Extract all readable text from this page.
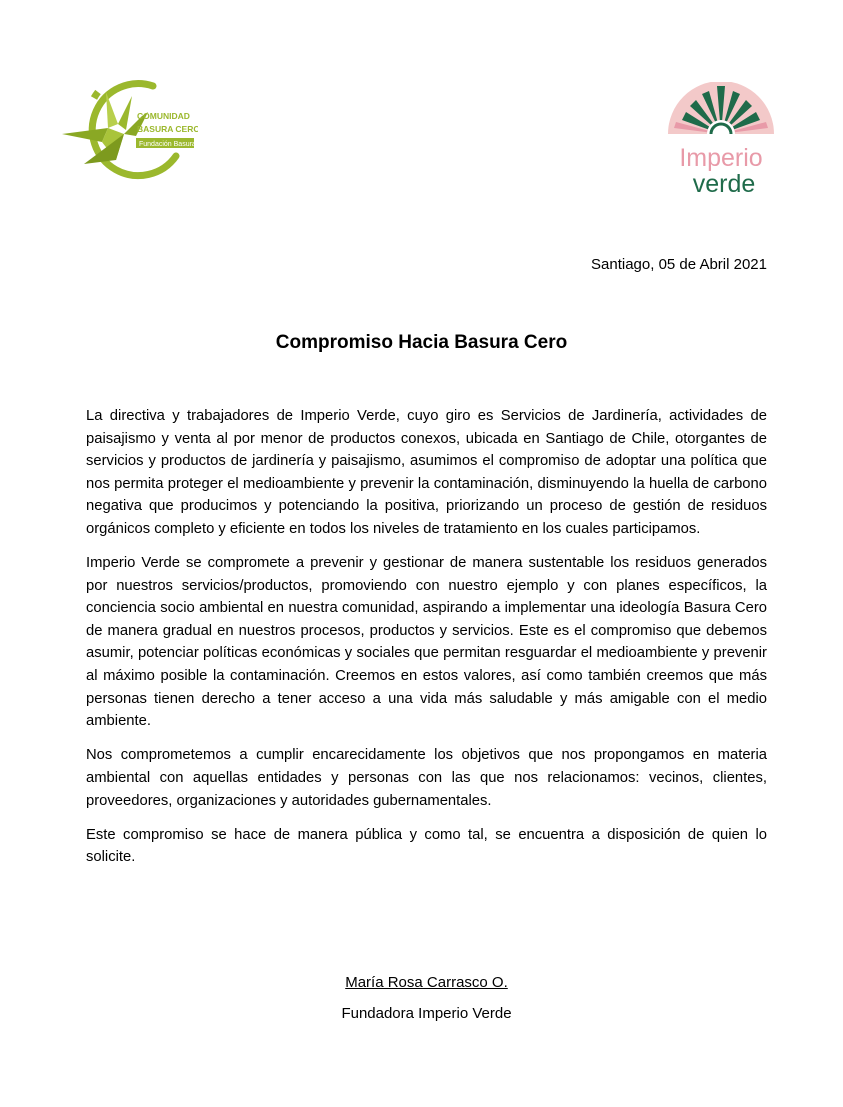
COMUNIDAD
BASURA CERO
Fundación Basura	Imperio
verde
Santiago, 05 de Abril 2021
Compromiso Hacia Basura Cero

La directiva y trabajadores de Imperio Verde, cuyo giro es Servicios de Jardinería, actividades de paisajismo y venta al por menor de productos conexos, ubicada en Santiago de Chile, otorgantes de servicios y productos de jardinería y paisajismo, asumimos el compromiso de adoptar una política que nos permita proteger el medioambiente y prevenir la contaminación, disminuyendo la huella de carbono negativa que producimos y potenciando la positiva, priorizando un proceso de gestión de residuos orgánicos completo y eficiente en todos los niveles de tratamiento en los cuales participamos.

Imperio Verde se compromete a prevenir y gestionar de manera sustentable los residuos generados por nuestros servicios/productos, promoviendo con nuestro ejemplo y con planes específicos, la conciencia socio ambiental en nuestra comunidad, aspirando a implementar una ideología Basura Cero de manera gradual en nuestros procesos, productos y servicios. Este es el compromiso que debemos asumir, potenciar políticas económicas y sociales que permitan resguardar el medioambiente y prevenir al máximo posible la contaminación. Creemos en estos valores, así como también creemos que más personas tienen derecho a tener acceso a una vida más saludable y más amigable con el medio ambiente.

Nos comprometemos a cumplir encarecidamente los objetivos que nos propongamos en materia ambiental con aquellas entidades y personas con las que nos relacionamos: vecinos, clientes, proveedores, organizaciones y autoridades gubernamentales.

Este compromiso se hace de manera pública y como tal, se encuentra a disposición de quien lo solicite.

María Rosa Carrasco O.
Fundadora Imperio Verde
